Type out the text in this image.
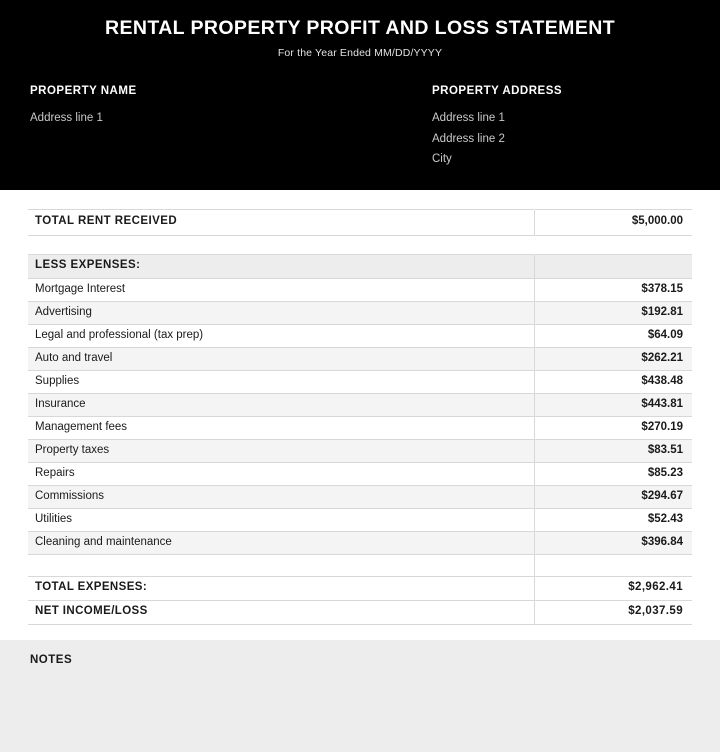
RENTAL PROPERTY PROFIT AND LOSS STATEMENT
For the Year Ended MM/DD/YYYY
PROPERTY NAME
Address line 1
PROPERTY ADDRESS
Address line 1
Address line 2
City

TOTAL RENT RECEIVED	$5,000.00

LESS EXPENSES:	
Mortgage Interest	$378.15
Advertising	$192.81
Legal and professional (tax prep)	$64.09
Auto and travel	$262.21
Supplies	$438.48
Insurance	$443.81
Management fees	$270.19
Property taxes	$83.51
Repairs	$85.23
Commissions	$294.67
Utilities	$52.43
Cleaning and maintenance	$396.84

TOTAL EXPENSES:	$2,962.41
NET INCOME/LOSS	$2,037.59
NOTES
